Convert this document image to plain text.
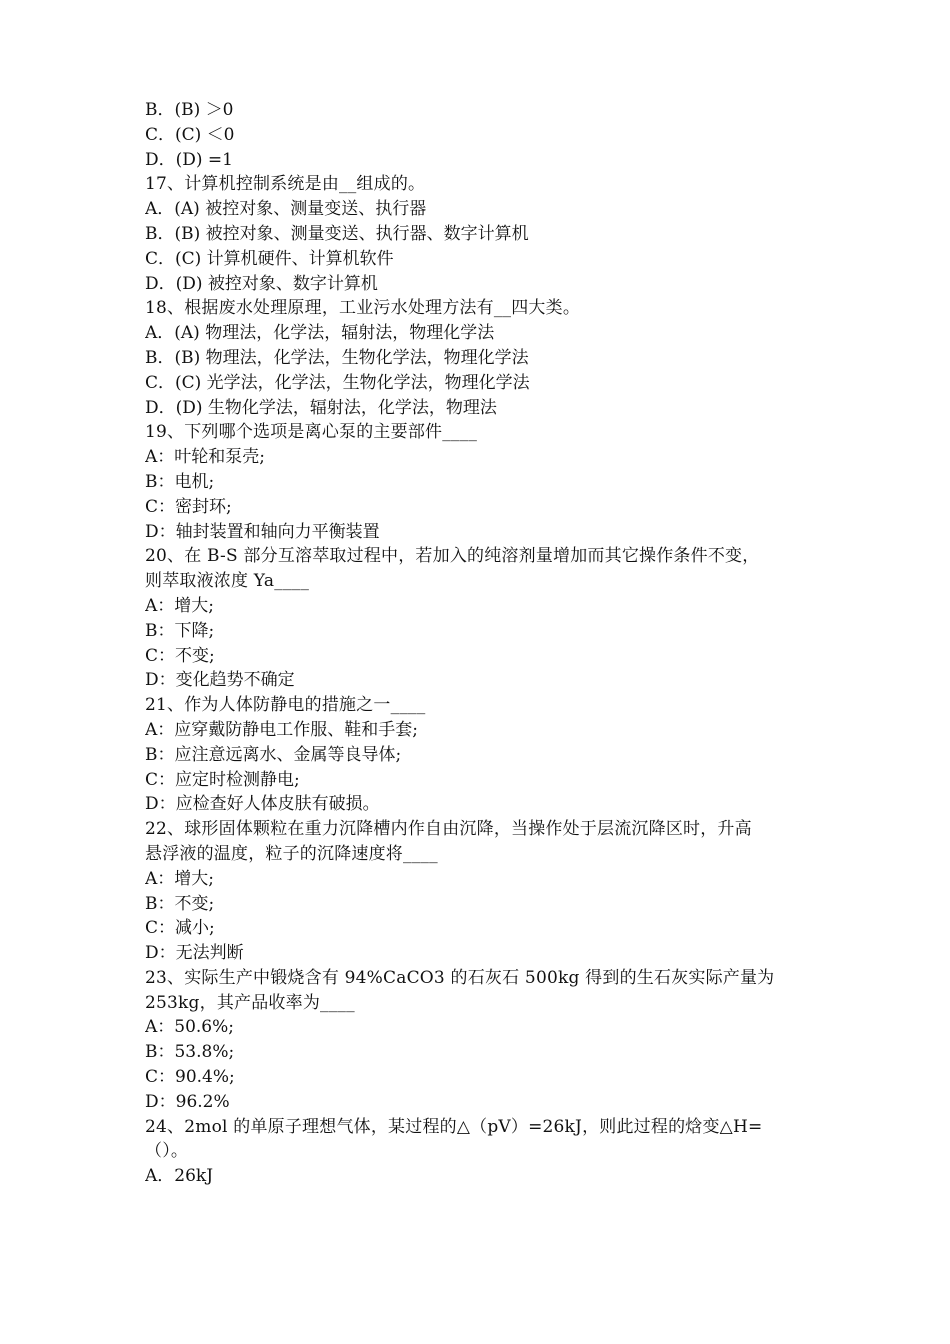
B．(B) ＞0
C．(C) ＜0
D．(D) =1
17、计算机控制系统是由__组成的。
A．(A) 被控对象、测量变送、执行器
B．(B) 被控对象、测量变送、执行器、数字计算机
C．(C) 计算机硬件、计算机软件
D．(D) 被控对象、数字计算机
18、根据废水处理原理，工业污水处理方法有__四大类。
A．(A) 物理法，化学法，辐射法，物理化学法
B．(B) 物理法，化学法，生物化学法，物理化学法
C．(C) 光学法，化学法，生物化学法，物理化学法
D．(D) 生物化学法，辐射法，化学法，物理法
19、下列哪个选项是离心泵的主要部件____
A：叶轮和泵壳;
B：电机;
C：密封环;
D：轴封装置和轴向力平衡装置
20、在 B-S 部分互溶萃取过程中，若加入的纯溶剂量增加而其它操作条件不变，
则萃取液浓度 Ya____
A：增大;
B：下降;
C：不变;
D：变化趋势不确定
21、作为人体防静电的措施之一____
A：应穿戴防静电工作服、鞋和手套;
B：应注意远离水、金属等良导体;
C：应定时检测静电;
D：应检查好人体皮肤有破损。
22、球形固体颗粒在重力沉降槽内作自由沉降，当操作处于层流沉降区时，升高
悬浮液的温度，粒子的沉降速度将____
A：增大;
B：不变;
C：减小;
D：无法判断
23、实际生产中锻烧含有 94%CaCO3 的石灰石 500kg 得到的生石灰实际产量为
253kg，其产品收率为____
A：50.6%;
B：53.8%;
C：90.4%;
D：96.2%
24、2mol 的单原子理想气体，某过程的△（pV）=26kJ，则此过程的焓变△H=
（）。
A．26kJ
